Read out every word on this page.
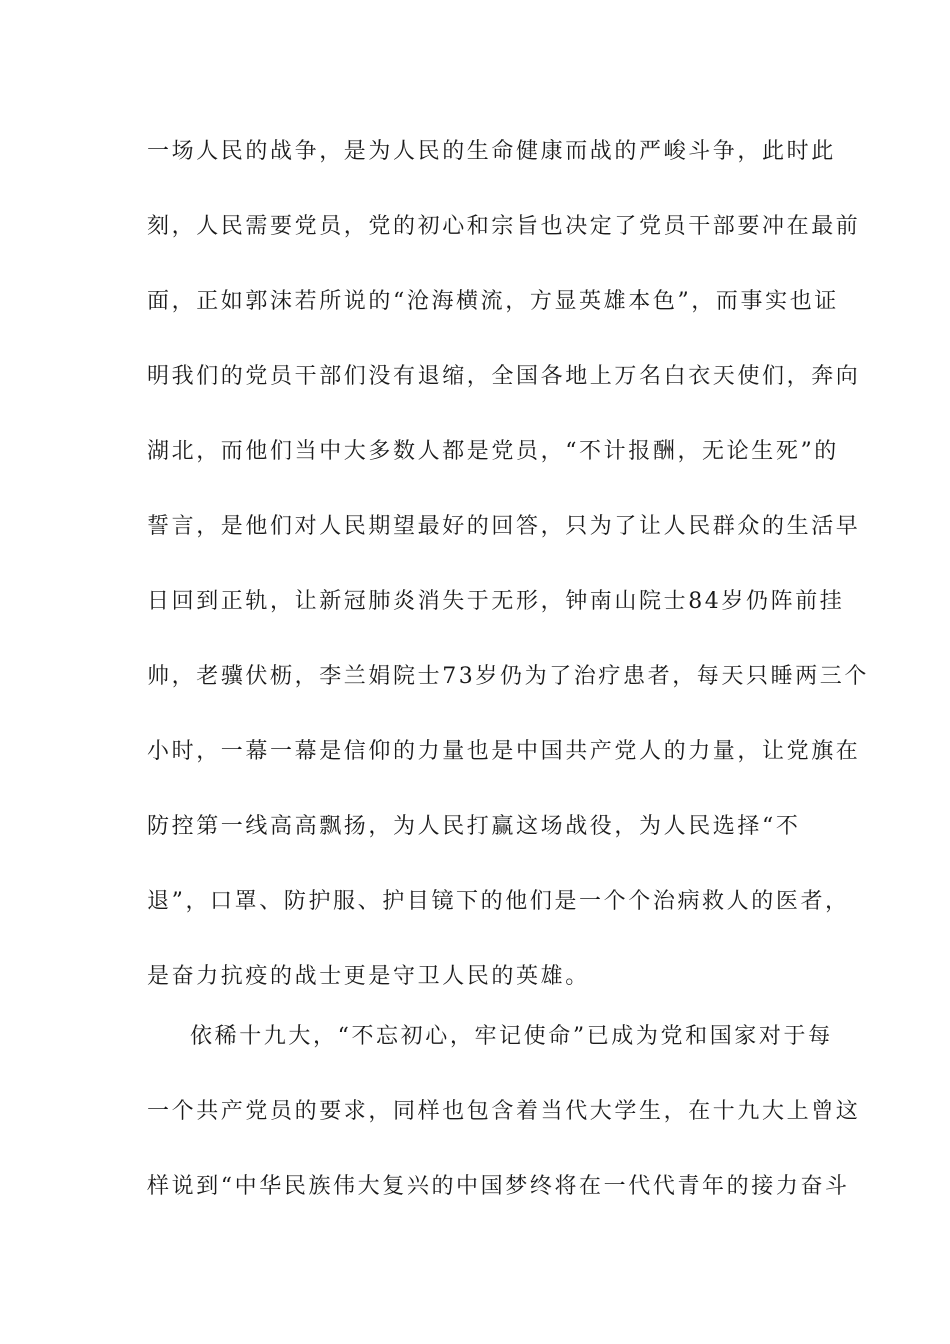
一场人民的战争，是为人民的生命健康而战的严峻斗争，此时此
刻，人民需要党员，党的初心和宗旨也决定了党员干部要冲在最前
面，正如郭沫若所说的“沧海横流，方显英雄本色”，而事实也证
明我们的党员干部们没有退缩，全国各地上万名白衣天使们，奔向
湖北，而他们当中大多数人都是党员，“不计报酬，无论生死”的
誓言，是他们对人民期望最好的回答，只为了让人民群众的生活早
日回到正轨，让新冠肺炎消失于无形，钟南山院士84岁仍阵前挂
帅，老骥伏枥，李兰娟院士73岁仍为了治疗患者，每天只睡两三个
小时，一幕一幕是信仰的力量也是中国共产党人的力量，让党旗在
防控第一线高高飘扬，为人民打赢这场战役，为人民选择“不
退”，口罩、防护服、护目镜下的他们是一个个治病救人的医者，
是奋力抗疫的战士更是守卫人民的英雄。
依稀十九大，“不忘初心，牢记使命”已成为党和国家对于每
一个共产党员的要求，同样也包含着当代大学生，在十九大上曾这
样说到“中华民族伟大复兴的中国梦终将在一代代青年的接力奋斗
